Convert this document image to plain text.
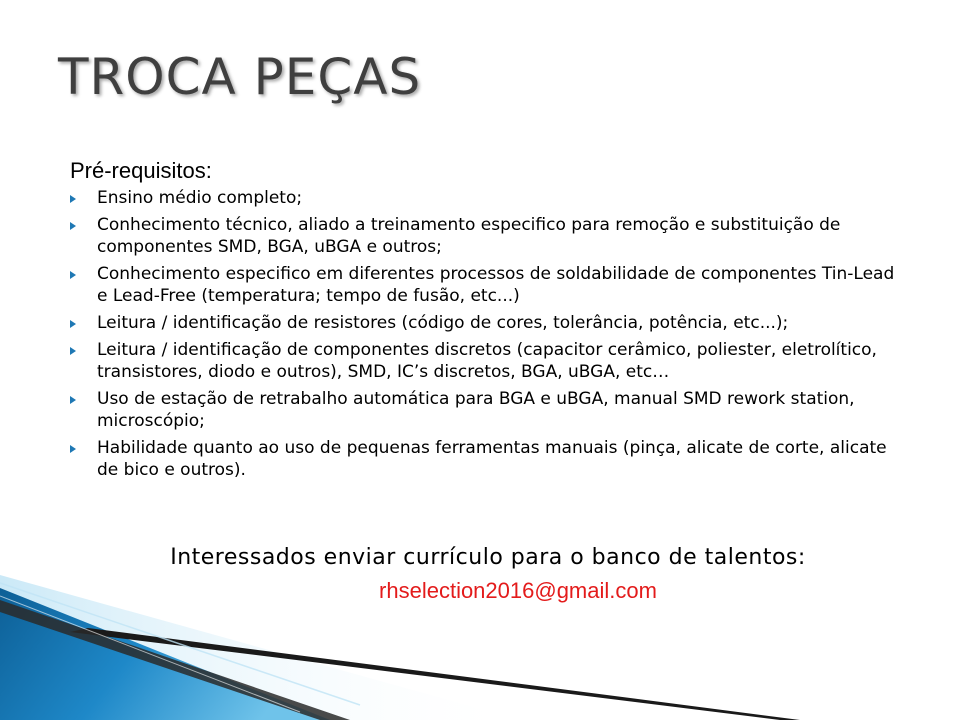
TROCA PEÇAS
Pré-requisitos:
Ensino médio completo;
Conhecimento técnico, aliado a treinamento especifico para remoção e substituição de componentes SMD, BGA, uBGA e outros;
Conhecimento especifico em diferentes processos de soldabilidade de componentes Tin-Lead e Lead-Free (temperatura; tempo de fusão, etc...)
Leitura / identificação de resistores (código de cores, tolerância, potência, etc...);
Leitura / identificação de componentes discretos (capacitor cerâmico, poliester, eletrolítico, transistores, diodo e outros), SMD, IC’s discretos, BGA, uBGA, etc…
Uso de estação de retrabalho automática para BGA e uBGA, manual SMD rework station, microscópio;
Habilidade quanto ao uso de pequenas ferramentas manuais (pinça, alicate de corte, alicate de bico e outros).
Interessados enviar currículo para o banco de talentos:
rhselection2016@gmail.com
